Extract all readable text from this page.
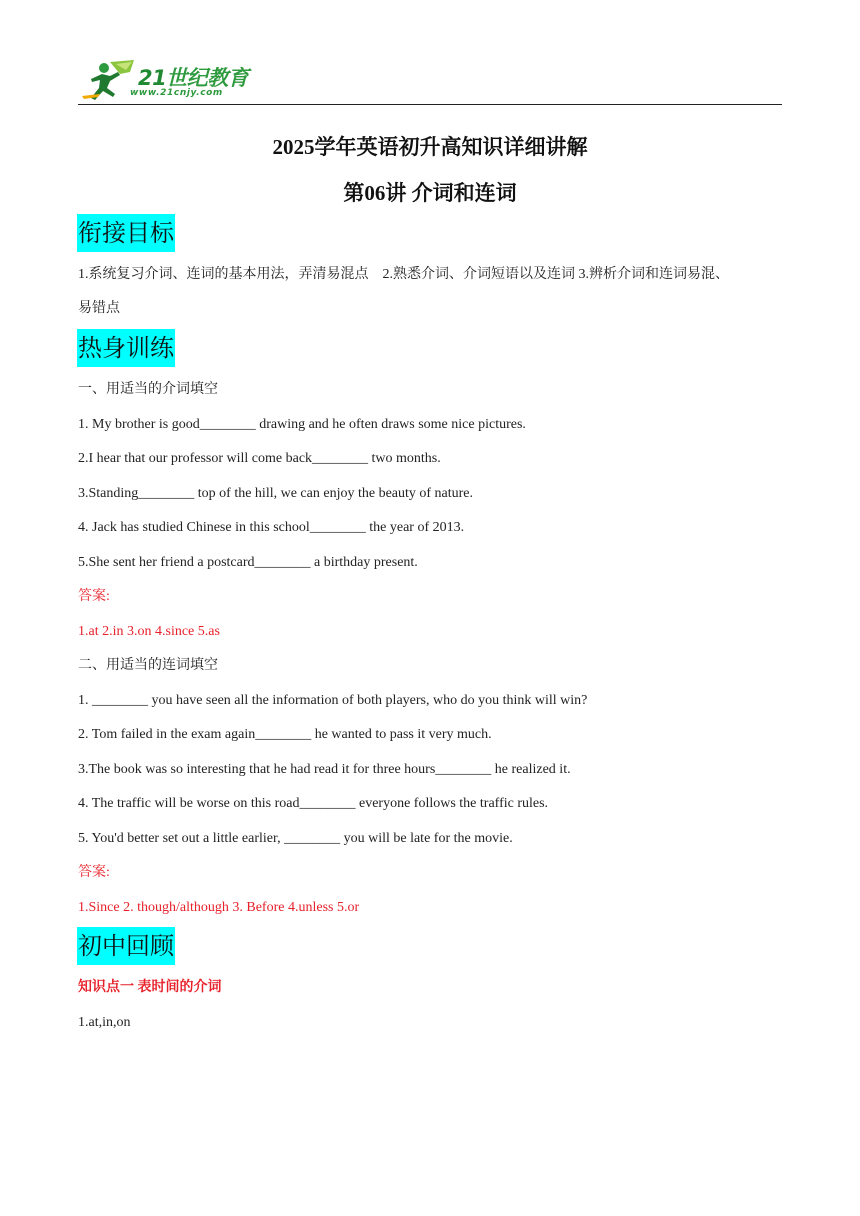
21世纪教育
www.21cnjy.com
2025学年英语初升高知识详细讲解
第06讲 介词和连词
衔接目标
1.系统复习介词、连词的基本用法，弄清易混点　2.熟悉介词、介词短语以及连词 3.辨析介词和连词易混、
易错点
热身训练
一、用适当的介词填空
1. My brother is good________ drawing and he often draws some nice pictures.
2.I hear that our professor will come back________ two months.
3.Standing________ top of the hill, we can enjoy the beauty of nature.
4. Jack has studied Chinese in this school________ the year of 2013.
5.She sent her friend a postcard________ a birthday present.
答案:
1.at 2.in 3.on 4.since 5.as
二、用适当的连词填空
1. ________ you have seen all the information of both players, who do you think will win?
2. Tom failed in the exam again________ he wanted to pass it very much.
3.The book was so interesting that he had read it for three hours________ he realized it.
4. The traffic will be worse on this road________ everyone follows the traffic rules.
5. You'd better set out a little earlier, ________ you will be late for the movie.
答案:
1.Since 2. though/although 3. Before 4.unless 5.or
初中回顾
知识点一 表时间的介词
1.at,in,on
